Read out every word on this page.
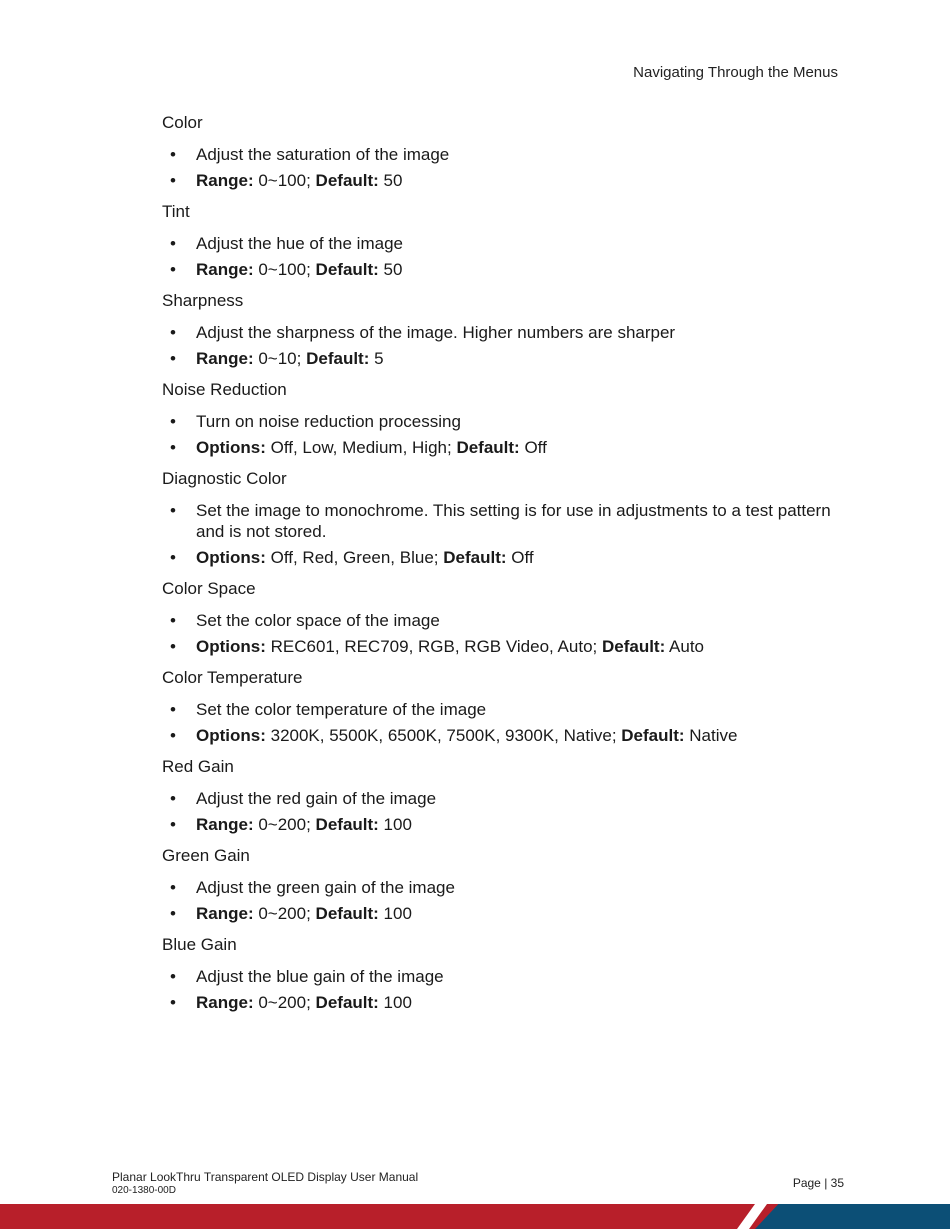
Navigating Through the Menus
Color
• Adjust the saturation of the image
• Range: 0~100; Default: 50
Tint
• Adjust the hue of the image
• Range: 0~100; Default: 50
Sharpness
• Adjust the sharpness of the image. Higher numbers are sharper
• Range: 0~10; Default: 5
Noise Reduction
• Turn on noise reduction processing
• Options: Off, Low, Medium, High; Default: Off
Diagnostic Color
• Set the image to monochrome. This setting is for use in adjustments to a test pattern and is not stored.
• Options: Off, Red, Green, Blue; Default: Off
Color Space
• Set the color space of the image
• Options: REC601, REC709, RGB, RGB Video, Auto; Default: Auto
Color Temperature
• Set the color temperature of the image
• Options: 3200K, 5500K, 6500K, 7500K, 9300K, Native; Default: Native
Red Gain
• Adjust the red gain of the image
• Range: 0~200; Default: 100
Green Gain
• Adjust the green gain of the image
• Range: 0~200; Default: 100
Blue Gain
• Adjust the blue gain of the image
• Range: 0~200; Default: 100
Planar LookThru Transparent OLED Display User Manual
020-1380-00D
Page | 35
